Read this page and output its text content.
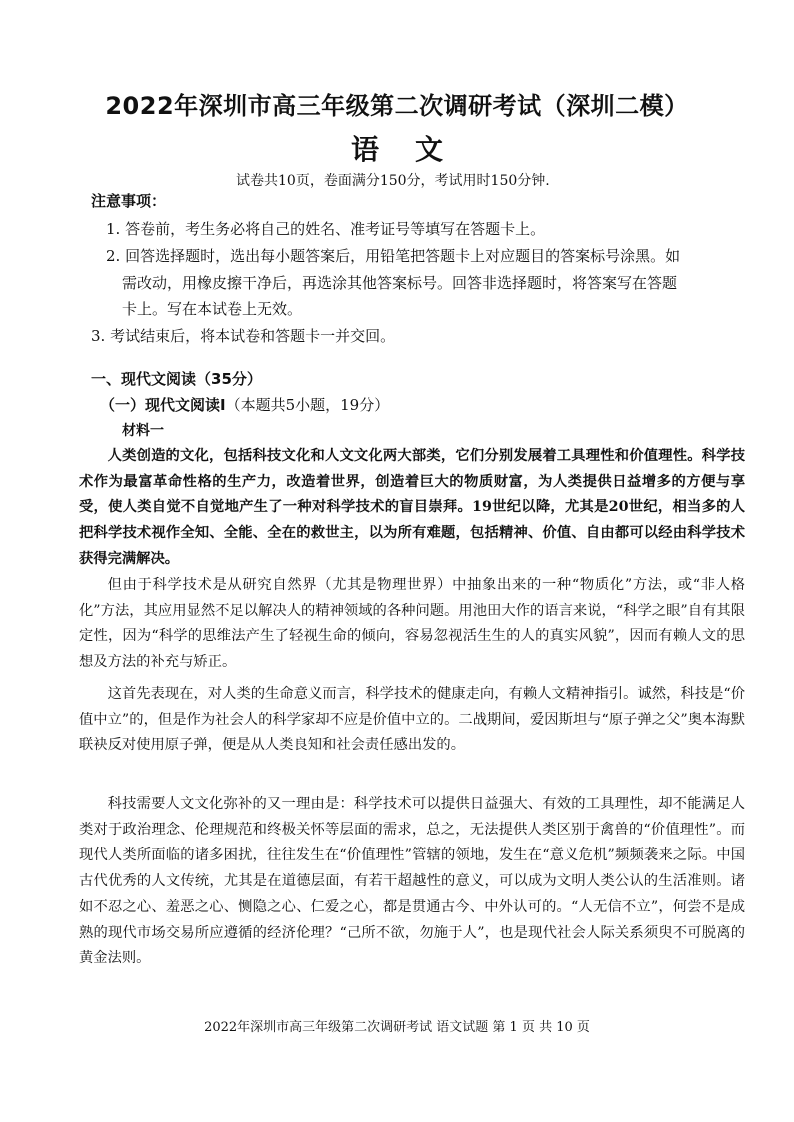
2022年深圳市高三年级第二次调研考试（深圳二模）
语文
试卷共10页，卷面满分150分，考试用时150分钟.
注意事项：
1. 答卷前，考生务必将自己的姓名、准考证号等填写在答题卡上。
2. 回答选择题时，选出每小题答案后，用铅笔把答题卡上对应题目的答案标号涂黑。如
需改动，用橡皮擦干净后，再选涂其他答案标号。回答非选择题时，将答案写在答题
卡上。写在本试卷上无效。
3. 考试结束后，将本试卷和答题卡一并交回。
一、现代文阅读（35分）
（一）现代文阅读Ⅰ（本题共5小题，19分）
材料一

人类创造的文化，包括科技文化和人文文化两大部类，它们分别发展着工具理性和价值理性。科学技术作为最富革命性格的生产力，改造着世界，创造着巨大的物质财富，为人类提供日益增多的方便与享受，使人类自觉不自觉地产生了一种对科学技术的盲目崇拜。19世纪以降，尤其是20世纪，相当多的人把科学技术视作全知、全能、全在的救世主，以为所有难题，包括精神、价值、自由都可以经由科学技术获得完满解决。

但由于科学技术是从研究自然界（尤其是物理世界）中抽象出来的一种“物质化”方法，或“非人格化”方法，其应用显然不足以解决人的精神领域的各种问题。用池田大作的语言来说，“科学之眼”自有其限定性，因为“科学的思维法产生了轻视生命的倾向，容易忽视活生生的人的真实风貌”，因而有赖人文的思想及方法的补充与矫正。

这首先表现在，对人类的生命意义而言，科学技术的健康走向，有赖人文精神指引。诚然，科技是“价值中立”的，但是作为社会人的科学家却不应是价值中立的。二战期间，爱因斯坦与“原子弹之父”奥本海默联袂反对使用原子弹，便是从人类良知和社会责任感出发的。

科技需要人文文化弥补的又一理由是：科学技术可以提供日益强大、有效的工具理性，却不能满足人类对于政治理念、伦理规范和终极关怀等层面的需求，总之，无法提供人类区别于禽兽的“价值理性”。而现代人类所面临的诸多困扰，往往发生在“价值理性”管辖的领地，发生在“意义危机”频频袭来之际。中国古代优秀的人文传统，尤其是在道德层面，有若干超越性的意义，可以成为文明人类公认的生活准则。诸如不忍之心、羞恶之心、恻隐之心、仁爱之心，都是贯通古今、中外认可的。“人无信不立”，何尝不是成熟的现代市场交易所应遵循的经济伦理？“己所不欲，勿施于人”，也是现代社会人际关系须臾不可脱离的黄金法则。

2022年深圳市高三年级第二次调研考试 语文试题 第 1 页 共 10 页
